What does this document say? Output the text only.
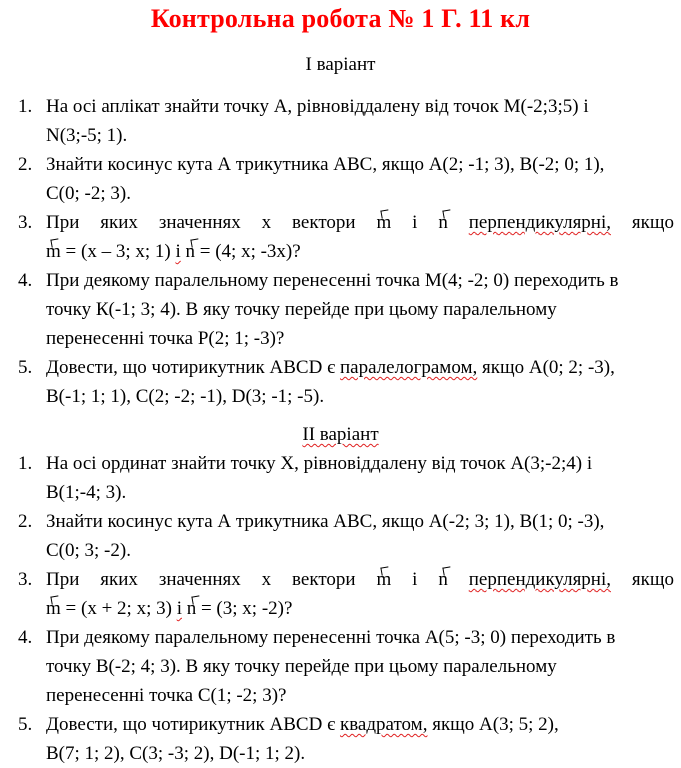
Контрольна робота № 1 Г. 11 кл
І варіант
1. На осі аплікат знайти точку А, рівновіддалену від точок М(-2;3;5) і
N(3;-5; 1).
2. Знайти косинус кута А трикутника АВС, якщо А(2; -1; 3), В(-2; 0; 1),
С(0; -2; 3).
3. При яких значеннях х вектори m і n перпендикулярні, якщо
m = (x – 3; x; 1) і n = (4; x; -3x)?
4. При деякому паралельному перенесенні точка М(4; -2; 0) переходить в
точку К(-1; 3; 4). В яку точку перейде при цьому паралельному
перенесенні точка Р(2; 1; -3)?
5. Довести, що чотирикутник АВСD є паралелограмом, якщо А(0; 2; -3),
В(-1; 1; 1), С(2; -2; -1), D(3; -1; -5).
ІІ варіант
1. На осі ординат знайти точку Х, рівновіддалену від точок А(3;-2;4) і
В(1;-4; 3).
2. Знайти косинус кута А трикутника АВС, якщо А(-2; 3; 1), В(1; 0; -3),
С(0; 3; -2).
3. При яких значеннях х вектори m і n перпендикулярні, якщо
m = (x + 2; x; 3) і n = (3; x; -2)?
4. При деякому паралельному перенесенні точка А(5; -3; 0) переходить в
точку В(-2; 4; 3). В яку точку перейде при цьому паралельному
перенесенні точка С(1; -2; 3)?
5. Довести, що чотирикутник АВСD є квадратом, якщо А(3; 5; 2),
В(7; 1; 2), С(3; -3; 2), D(-1; 1; 2).
